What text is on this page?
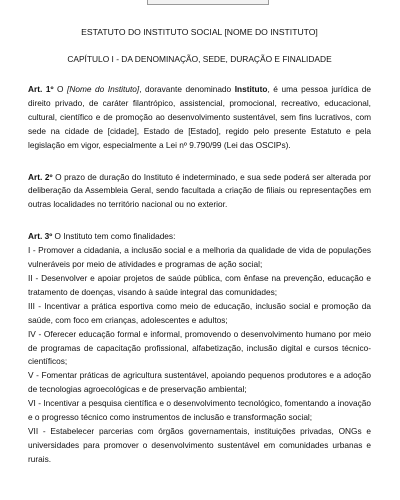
ESTATUTO DO INSTITUTO SOCIAL [NOME DO INSTITUTO]
CAPÍTULO I - DA DENOMINAÇÃO, SEDE, DURAÇÃO E FINALIDADE

Art. 1º O [Nome do Instituto], doravante denominado Instituto, é uma pessoa jurídica de direito privado, de caráter filantrópico, assistencial, promocional, recreativo, educacional, cultural, científico e de promoção ao desenvolvimento sustentável, sem fins lucrativos, com sede na cidade de [cidade], Estado de [Estado], regido pelo presente Estatuto e pela legislação em vigor, especialmente a Lei nº 9.790/99 (Lei das OSCIPs).

Art. 2º O prazo de duração do Instituto é indeterminado, e sua sede poderá ser alterada por deliberação da Assembleia Geral, sendo facultada a criação de filiais ou representações em outras localidades no território nacional ou no exterior.

Art. 3º O Instituto tem como finalidades:

I - Promover a cidadania, a inclusão social e a melhoria da qualidade de vida de populações vulneráveis por meio de atividades e programas de ação social;

II - Desenvolver e apoiar projetos de saúde pública, com ênfase na prevenção, educação e tratamento de doenças, visando à saúde integral das comunidades;

III - Incentivar a prática esportiva como meio de educação, inclusão social e promoção da saúde, com foco em crianças, adolescentes e adultos;

IV - Oferecer educação formal e informal, promovendo o desenvolvimento humano por meio de programas de capacitação profissional, alfabetização, inclusão digital e cursos técnico-científicos;

V - Fomentar práticas de agricultura sustentável, apoiando pequenos produtores e a adoção de tecnologias agroecológicas e de preservação ambiental;

VI - Incentivar a pesquisa científica e o desenvolvimento tecnológico, fomentando a inovação e o progresso técnico como instrumentos de inclusão e transformação social;

VII - Estabelecer parcerias com órgãos governamentais, instituições privadas, ONGs e universidades para promover o desenvolvimento sustentável em comunidades urbanas e rurais.
